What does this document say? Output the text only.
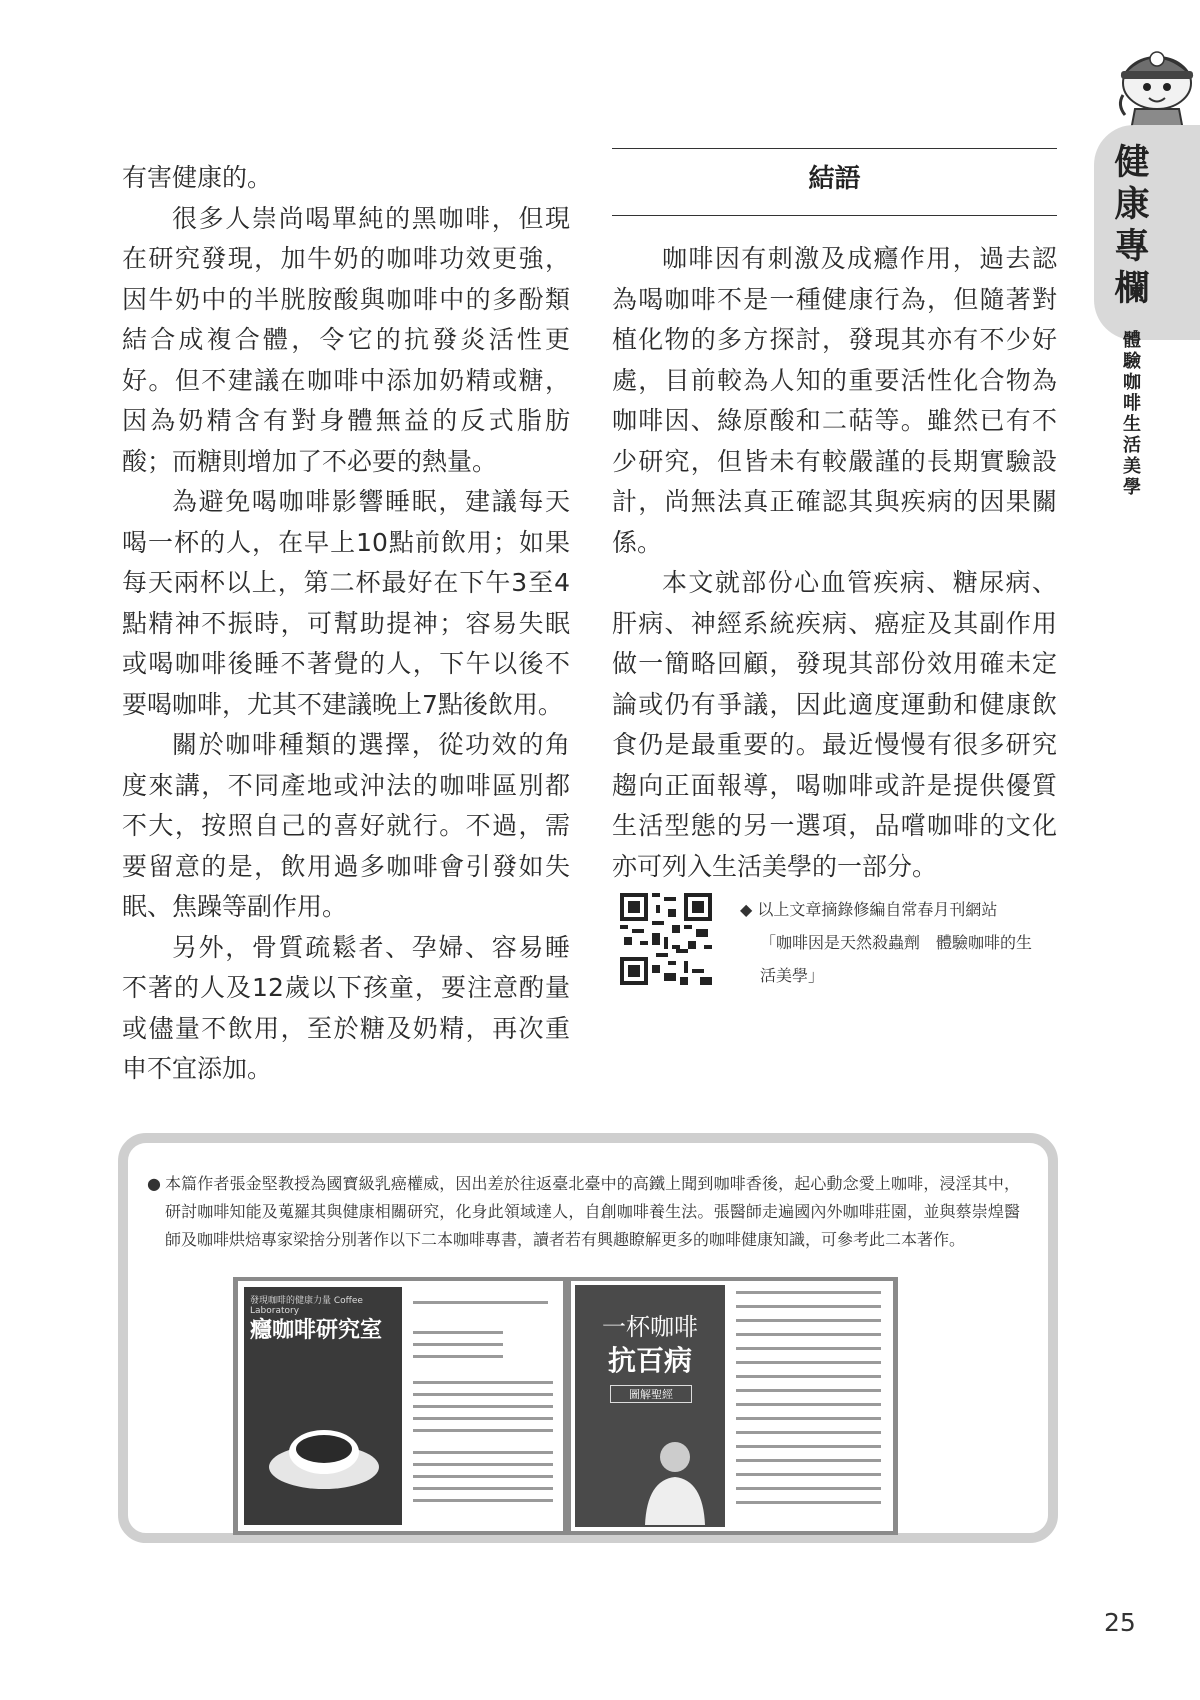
健康專欄
體驗咖啡生活美學

有害健康的。

很多人崇尚喝單純的黑咖啡，但現在研究發現，加牛奶的咖啡功效更強，因牛奶中的半胱胺酸與咖啡中的多酚類結合成複合體，令它的抗發炎活性更好。但不建議在咖啡中添加奶精或糖，因為奶精含有對身體無益的反式脂肪酸；而糖則增加了不必要的熱量。

為避免喝咖啡影響睡眠，建議每天喝一杯的人，在早上10點前飲用；如果每天兩杯以上，第二杯最好在下午3至4點精神不振時，可幫助提神；容易失眠或喝咖啡後睡不著覺的人，下午以後不要喝咖啡，尤其不建議晚上7點後飲用。

關於咖啡種類的選擇，從功效的角度來講，不同產地或沖法的咖啡區別都不大，按照自己的喜好就行。不過，需要留意的是，飲用過多咖啡會引發如失眠、焦躁等副作用。

另外，骨質疏鬆者、孕婦、容易睡不著的人及12歲以下孩童，要注意酌量或儘量不飲用，至於糖及奶精，再次重申不宜添加。

結語

咖啡因有刺激及成癮作用，過去認為喝咖啡不是一種健康行為，但隨著對植化物的多方探討，發現其亦有不少好處，目前較為人知的重要活性化合物為咖啡因、綠原酸和二萜等。雖然已有不少研究，但皆未有較嚴謹的長期實驗設計，尚無法真正確認其與疾病的因果關係。

本文就部份心血管疾病、糖尿病、肝病、神經系統疾病、癌症及其副作用做一簡略回顧，發現其部份效用確未定論或仍有爭議，因此適度運動和健康飲食仍是最重要的。最近慢慢有很多研究趨向正面報導，喝咖啡或許是提供優質生活型態的另一選項，品嚐咖啡的文化亦可列入生活美學的一部分。

◆ 以上文章摘錄修編自常春月刊網站
「咖啡因是天然殺蟲劑　體驗咖啡的生
活美學」
● 本篇作者張金堅教授為國寶級乳癌權威，因出差於往返臺北臺中的高鐵上聞到咖啡香後，起心動念愛上咖啡，浸淫其中，研討咖啡知能及蒐羅其與健康相關研究，化身此領域達人，自創咖啡養生法。張醫師走遍國內外咖啡莊園，並與蔡崇煌醫師及咖啡烘焙專家梁捨分別著作以下二本咖啡專書，讀者若有興趣瞭解更多的咖啡健康知識，可參考此二本著作。
發現咖啡的健康力量 Coffee Laboratory
癮咖啡研究室	一杯咖啡
抗百病
圖解聖經
25
